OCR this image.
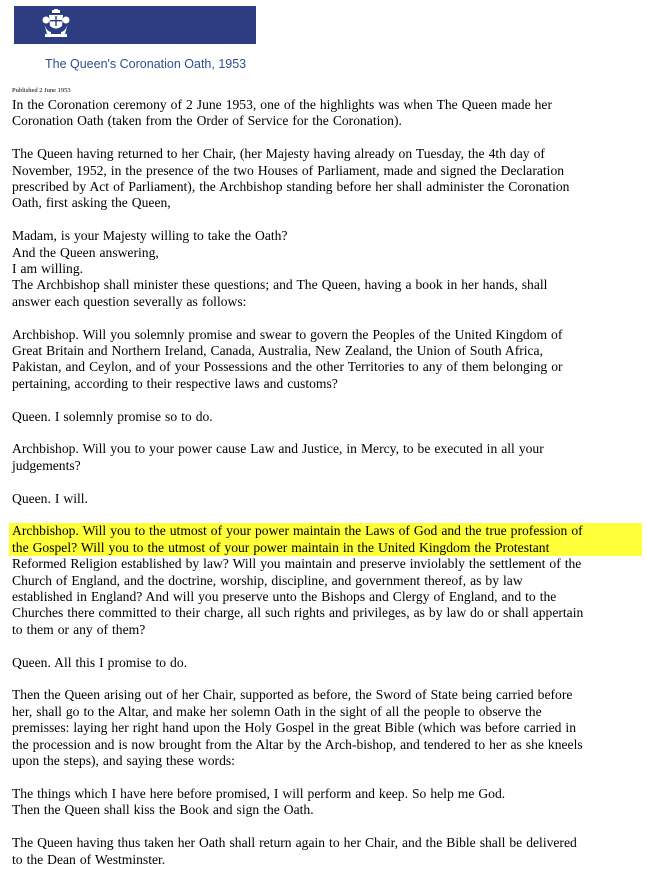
The Queen's Coronation Oath, 1953
Published 2 June 1953

In the Coronation ceremony of 2 June 1953, one of the highlights was when The Queen made her
Coronation Oath (taken from the Order of Service for the Coronation).

The Queen having returned to her Chair, (her Majesty having already on Tuesday, the 4th day of
November, 1952, in the presence of the two Houses of Parliament, made and signed the Declaration
prescribed by Act of Parliament), the Archbishop standing before her shall administer the Coronation
Oath, first asking the Queen,

Madam, is your Majesty willing to take the Oath?
And the Queen answering,
I am willing.
The Archbishop shall minister these questions; and The Queen, having a book in her hands, shall
answer each question severally as follows:

Archbishop. Will you solemnly promise and swear to govern the Peoples of the United Kingdom of
Great Britain and Northern Ireland, Canada, Australia, New Zealand, the Union of South Africa,
Pakistan, and Ceylon, and of your Possessions and the other Territories to any of them belonging or
pertaining, according to their respective laws and customs?

Queen. I solemnly promise so to do.

Archbishop. Will you to your power cause Law and Justice, in Mercy, to be executed in all your
judgements?

Queen. I will.

Archbishop. Will you to the utmost of your power maintain the Laws of God and the true profession of
the Gospel? Will you to the utmost of your power maintain in the United Kingdom the Protestant
Reformed Religion established by law? Will you maintain and preserve inviolably the settlement of the
Church of England, and the doctrine, worship, discipline, and government thereof, as by law
established in England? And will you preserve unto the Bishops and Clergy of England, and to the
Churches there committed to their charge, all such rights and privileges, as by law do or shall appertain
to them or any of them?

Queen. All this I promise to do.

Then the Queen arising out of her Chair, supported as before, the Sword of State being carried before
her, shall go to the Altar, and make her solemn Oath in the sight of all the people to observe the
premisses: laying her right hand upon the Holy Gospel in the great Bible (which was before carried in
the procession and is now brought from the Altar by the Arch-bishop, and tendered to her as she kneels
upon the steps), and saying these words:

The things which I have here before promised, I will perform and keep. So help me God.
Then the Queen shall kiss the Book and sign the Oath.

The Queen having thus taken her Oath shall return again to her Chair, and the Bible shall be delivered
to the Dean of Westminster.
